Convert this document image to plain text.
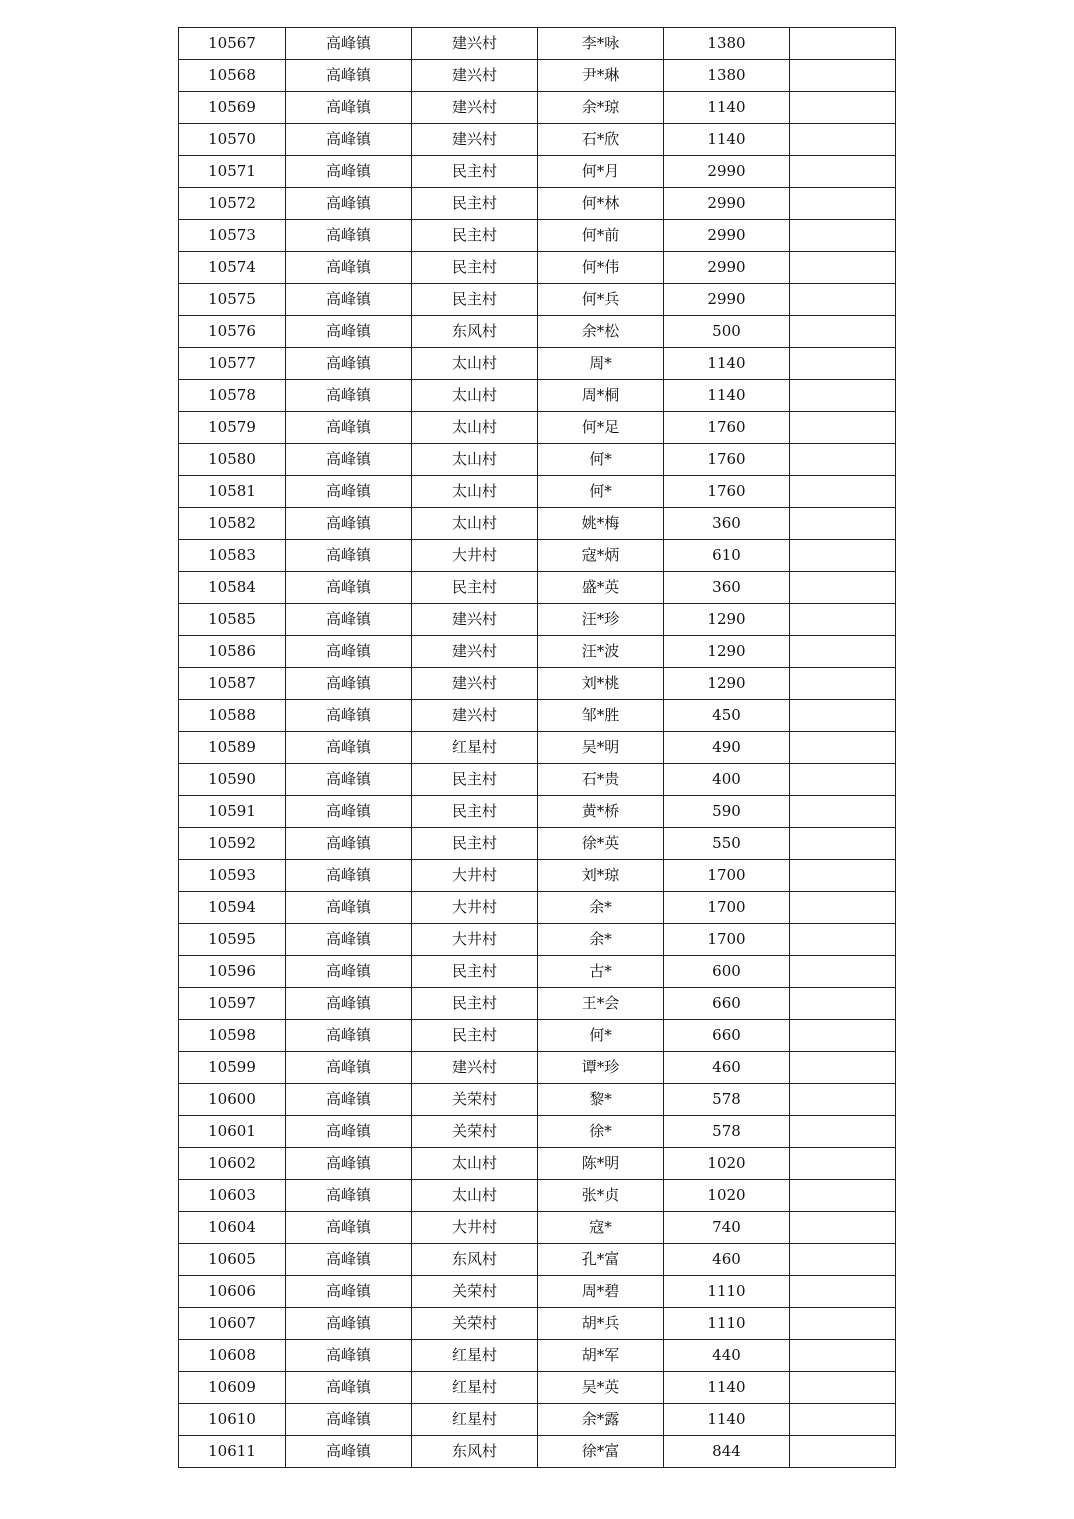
10567	高峰镇	建兴村	李*咏	1380	
10568	高峰镇	建兴村	尹*琳	1380	
10569	高峰镇	建兴村	余*琼	1140	
10570	高峰镇	建兴村	石*欣	1140	
10571	高峰镇	民主村	何*月	2990	
10572	高峰镇	民主村	何*林	2990	
10573	高峰镇	民主村	何*前	2990	
10574	高峰镇	民主村	何*伟	2990	
10575	高峰镇	民主村	何*兵	2990	
10576	高峰镇	东风村	余*松	500	
10577	高峰镇	太山村	周*	1140	
10578	高峰镇	太山村	周*桐	1140	
10579	高峰镇	太山村	何*足	1760	
10580	高峰镇	太山村	何*	1760	
10581	高峰镇	太山村	何*	1760	
10582	高峰镇	太山村	姚*梅	360	
10583	高峰镇	大井村	寇*炳	610	
10584	高峰镇	民主村	盛*英	360	
10585	高峰镇	建兴村	汪*珍	1290	
10586	高峰镇	建兴村	汪*波	1290	
10587	高峰镇	建兴村	刘*桃	1290	
10588	高峰镇	建兴村	邹*胜	450	
10589	高峰镇	红星村	吴*明	490	
10590	高峰镇	民主村	石*贵	400	
10591	高峰镇	民主村	黄*桥	590	
10592	高峰镇	民主村	徐*英	550	
10593	高峰镇	大井村	刘*琼	1700	
10594	高峰镇	大井村	余*	1700	
10595	高峰镇	大井村	余*	1700	
10596	高峰镇	民主村	古*	600	
10597	高峰镇	民主村	王*会	660	
10598	高峰镇	民主村	何*	660	
10599	高峰镇	建兴村	谭*珍	460	
10600	高峰镇	关荣村	黎*	578	
10601	高峰镇	关荣村	徐*	578	
10602	高峰镇	太山村	陈*明	1020	
10603	高峰镇	太山村	张*贞	1020	
10604	高峰镇	大井村	寇*	740	
10605	高峰镇	东风村	孔*富	460	
10606	高峰镇	关荣村	周*碧	1110	
10607	高峰镇	关荣村	胡*兵	1110	
10608	高峰镇	红星村	胡*军	440	
10609	高峰镇	红星村	吴*英	1140	
10610	高峰镇	红星村	余*露	1140	
10611	高峰镇	东风村	徐*富	844	
